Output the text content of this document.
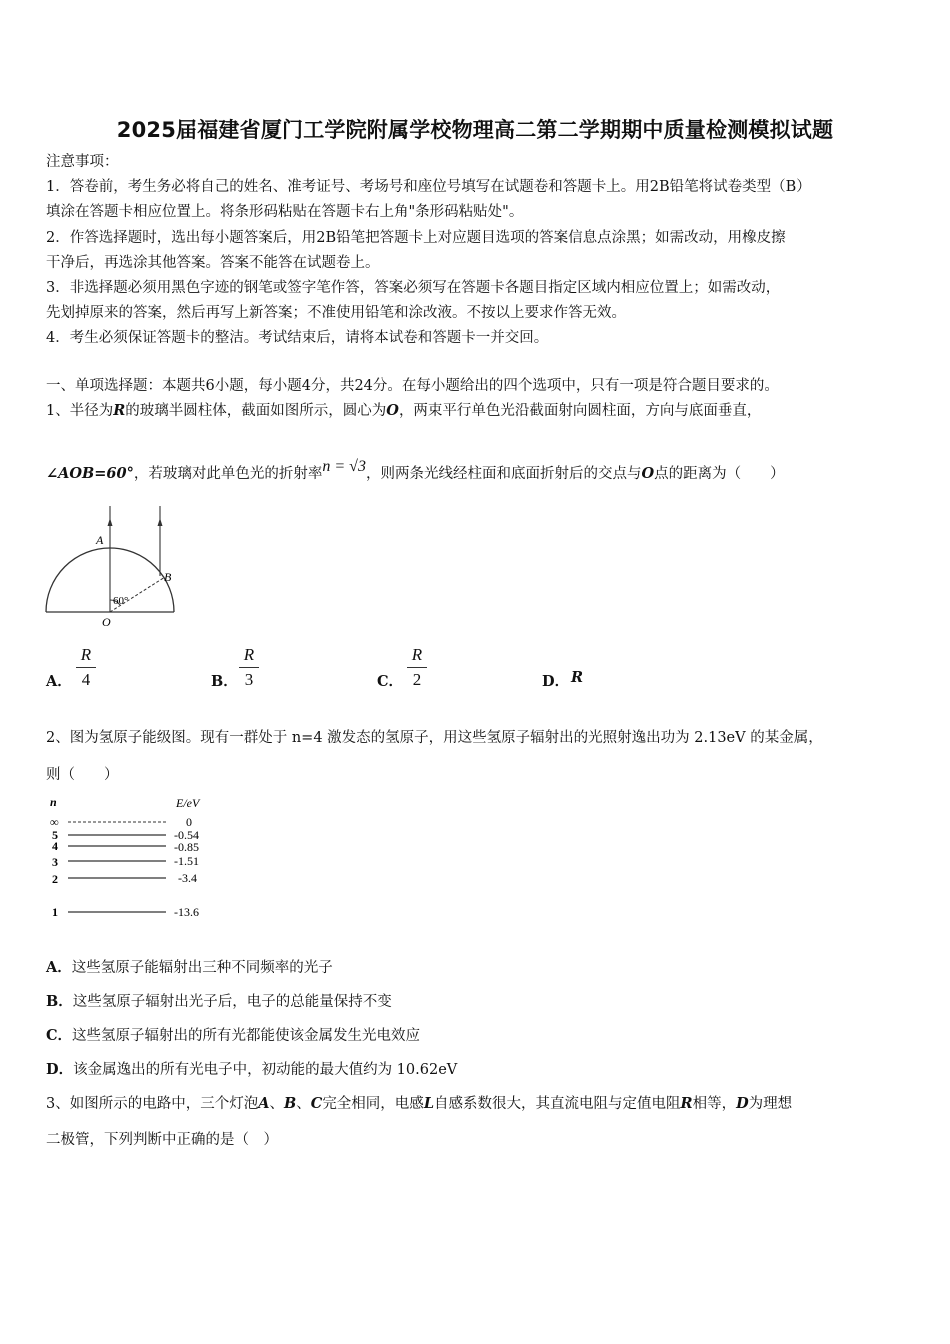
2025届福建省厦门工学院附属学校物理高二第二学期期中质量检测模拟试题
注意事项：
1．答卷前，考生务必将自己的姓名、准考证号、考场号和座位号填写在试题卷和答题卡上。用2B铅笔将试卷类型（B）
填涂在答题卡相应位置上。将条形码粘贴在答题卡右上角"条形码粘贴处"。
2．作答选择题时，选出每小题答案后，用2B铅笔把答题卡上对应题目选项的答案信息点涂黑；如需改动，用橡皮擦
干净后，再选涂其他答案。答案不能答在试题卷上。
3．非选择题必须用黑色字迹的钢笔或签字笔作答，答案必须写在答题卡各题目指定区域内相应位置上；如需改动，
先划掉原来的答案，然后再写上新答案；不准使用铅笔和涂改液。不按以上要求作答无效。
4．考生必须保证答题卡的整洁。考试结束后，请将本试卷和答题卡一并交回。
一、单项选择题：本题共6小题，每小题4分，共24分。在每小题给出的四个选项中，只有一项是符合题目要求的。
1、半径为R的玻璃半圆柱体，截面如图所示，圆心为O，两束平行单色光沿截面射向圆柱面，方向与底面垂直，
∠AOB=60°，若玻璃对此单色光的折射率n = √3，则两条光线经柱面和底面折射后的交点与O点的距离为（　　）
A
B
O
60°
A．
R
4	B．
R
3	C．
R
2	D． R
2、图为氢原子能级图。现有一群处于 n=4 激发态的氢原子，用这些氢原子辐射出的光照射逸出功为 2.13eV 的某金属，
则（　　）
n	E/eV
∞	0
5	-0.54
4	-0.85
3	-1.51
2	-3.4
1	-13.6
A．这些氢原子能辐射出三种不同频率的光子
B．这些氢原子辐射出光子后，电子的总能量保持不变
C．这些氢原子辐射出的所有光都能使该金属发生光电效应
D．该金属逸出的所有光电子中，初动能的最大值约为 10.62eV
3、如图所示的电路中，三个灯泡A、B、C完全相同，电感L自感系数很大，其直流电阻与定值电阻R相等，D为理想
二极管，下列判断中正确的是（　）
